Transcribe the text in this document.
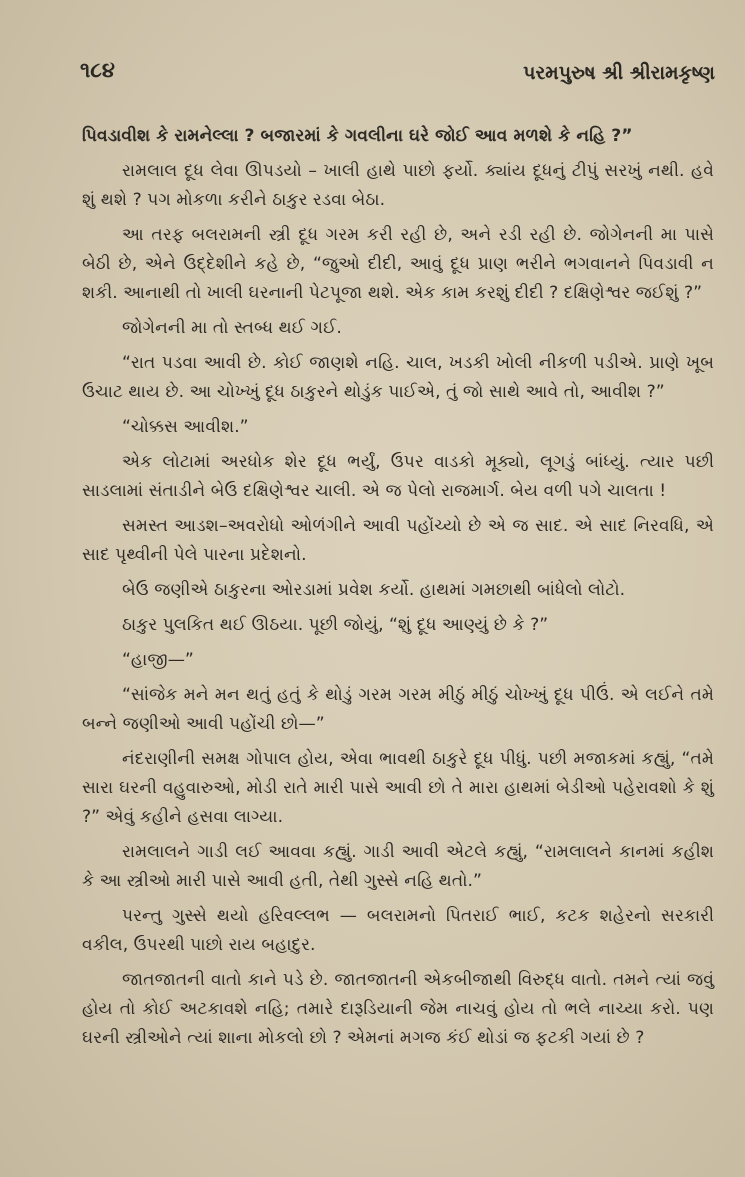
૧૮૪	પરમપુરુષ શ્રી શ્રીરામકૃષ્ણ

પિવડાવીશ કે રામનેલ્લા ? બજારમાં કે ગવલીના ઘરે જોઈ આવ મળશે કે નહિ ?”

રામલાલ દૂધ લેવા ઊપડયો – ખાલી હાથે પાછો ફર્યો. ક્યાંય દૂધનું ટીપું સરખું નથી. હવે શું થશે ? પગ મોકળા કરીને ઠાકુર રડવા બેઠા.

આ તરફ બલરામની સ્ત્રી દૂધ ગરમ કરી રહી છે, અને રડી રહી છે. જોગેનની મા પાસે બેઠી છે, એને ઉદ્દેશીને કહે છે, “જુઓ દીદી, આવું દૂધ પ્રાણ ભરીને ભગવાનને પિવડાવી ન શકી. આનાથી તો ખાલી ઘરનાની પેટપૂજા થશે. એક કામ કરશું દીદી ? દક્ષિણેશ્વર જઈશું ?”

જોગેનની મા તો સ્તબ્ધ થઈ ગઈ.

“રાત પડવા આવી છે. કોઈ જાણશે નહિ. ચાલ, ખડકી ખોલી નીકળી પડીએ. પ્રાણે ખૂબ ઉચાટ થાય છે. આ ચોખ્ખું દૂધ ઠાકુરને થોડુંક પાઈએ, તું જો સાથે આવે તો, આવીશ ?”

“ચોક્કસ આવીશ.”

એક લોટામાં અરધોક શેર દૂધ ભર્યું, ઉપર વાડકો મૂક્યો, લૂગડું બાંધ્યું. ત્યાર પછી સાડલામાં સંતાડીને બેઉ દક્ષિણેશ્વર ચાલી. એ જ પેલો રાજમાર્ગ. બેય વળી પગે ચાલતા !

સમસ્ત આડશ–અવરોધો ઓળંગીને આવી પહોંચ્યો છે એ જ સાદ. એ સાદ નિરવધિ, એ સાદ પૃથ્વીની પેલે પારના પ્રદેશનો.

બેઉ જણીએ ઠાકુરના ઓરડામાં પ્રવેશ કર્યો. હાથમાં ગમછાથી બાંધેલો લોટો.

ઠાકુર પુલકિત થઈ ઊઠયા. પૂછી જોયું, “શું દૂધ આણ્યું છે કે ?”

“હાજી—”

“સાંજેક મને મન થતું હતું કે થોડું ગરમ ગરમ મીઠું મીઠું ચોખ્ખું દૂધ પીઉં. એ લઈને તમે બન્ને જણીઓ આવી પહોંચી છો—”

નંદરાણીની સમક્ષ ગોપાલ હોય, એવા ભાવથી ઠાકુરે દૂધ પીધું. પછી મજાકમાં કહ્યું, “તમે સારા ઘરની વહુવારુઓ, મોડી રાતે મારી પાસે આવી છો તે મારા હાથમાં બેડીઓ પહેરાવશો કે શું ?” એવું કહીને હસવા લાગ્યા.

રામલાલને ગાડી લઈ આવવા કહ્યું. ગાડી આવી એટલે કહ્યું, “રામલાલને કાનમાં કહીશ કે આ સ્ત્રીઓ મારી પાસે આવી હતી, તેથી ગુસ્સે નહિ થતો.”

પરન્તુ ગુસ્સે થયો હરિવલ્લભ — બલરામનો પિતરાઈ ભાઈ, કટક શહેરનો સરકારી વકીલ, ઉપરથી પાછો રાય બહાદુર.

જાતજાતની વાતો કાને પડે છે. જાતજાતની એકબીજાથી વિરુદ્ધ વાતો. તમને ત્યાં જવું હોય તો કોઈ અટકાવશે નહિ; તમારે દારૂડિયાની જેમ નાચવું હોય તો ભલે નાચ્યા કરો. પણ ઘરની સ્ત્રીઓને ત્યાં શાના મોકલો છો ? એમનાં મગજ કંઈ થોડાં જ ફટકી ગયાં છે ?
